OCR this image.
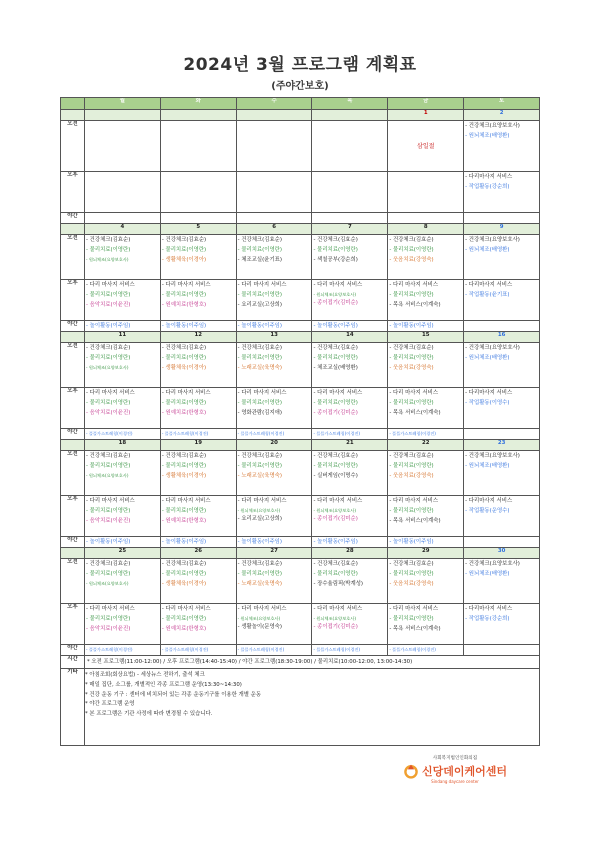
2024년 3월 프로그램 계획표
(주야간보호)
	월	화	수	목	금	토
					1	2
오전					삼일절	- 건강체크(요양보호사)
- 원뇌체조(배영환)

오후						- 다리마사지 서비스
- 작업활동(강순희)

야간	

	4	5	6	7	8	9
오전	- 건강체크(김효순)
- 물리치료(이영란)
- 원뇌체조(요양보호사)	- 건강체크(김효순)
- 물리치료(이영란)
- 생활체육(이경아)	- 건강체크(김효순)
- 물리치료(이영란)
- 체조교실(윤기표)	- 건강체크(김효순)
- 물리치료(이영란)
- 색칠공부(강순희)	- 건강체크(김효순)
- 물리치료(이영란)
- 웃음치료(강영숙)	- 건강체크(요양보호사)
- 원뇌체조(배영환)

오후	- 다리 마사지 서비스
- 물리치료(이영란)
- 음악치료(이윤진)	- 다리 마사지 서비스
- 물리치료(이영란)
- 원예치료(한형호)	- 다리 마사지 서비스
- 물리치료(이영란)
- 요리교실(고상희)	- 다리 마사지 서비스
- 원뇌체조(요양보호사)
- 종이접기(김미순)	- 다리 마사지 서비스
- 물리치료(이영란)
- 목욕 서비스(이계숙)	- 다리마사지 서비스
- 작업활동(윤기표)

야간	- 놀이활동(이주임)	- 놀이활동(이주임)	- 놀이활동(이주임)	- 놀이활동(이주임)	- 놀이활동(이주임)	

	11	12	13	14	15	16
오전	- 건강체크(김효순)
- 물리치료(이영란)
- 원뇌체조(요양보호사)	- 건강체크(김효순)
- 물리치료(이영란)
- 생활체육(이경아)	- 건강체크(김효순)
- 물리치료(이영란)
- 노래교실(육명숙)	- 건강체크(김효순)
- 물리치료(이영란)
- 체조교실(배영환)	- 건강체크(김효순)
- 물리치료(이영란)
- 웃음치료(강영숙)	- 건강체크(요양보호사)
- 원뇌체조(배영환)

오후	- 다리 마사지 서비스
- 물리치료(이영란)
- 음악치료(이윤진)	- 다리 마사지 서비스
- 물리치료(이영란)
- 원예치료(한형호)	- 다리 마사지 서비스
- 물리치료(이영란)
- 영화관람(김지애)	- 다리 마사지 서비스
- 물리치료(이영란)
- 종이접기(김미순)	- 다리 마사지 서비스
- 물리치료(이영란)
- 목욕 서비스(이계숙)	- 다리마사지 서비스
- 작업활동(이영수)

야간	- 플플가스트레칭(이경진)	- 플플가스트레칭(이경진)	- 플플가스트레칭(이경진)	- 플플가스트레칭(이경진)	- 플플가스트레칭(이경진)	

	18	19	20	21	22	23
오전	- 건강체크(김효순)
- 물리치료(이영란)
- 원뇌체조(요양보호사)	- 건강체크(김효순)
- 물리치료(이영란)
- 생활체육(이경아)	- 건강체크(김효순)
- 물리치료(이영란)
- 노래교실(육명숙)	- 건강체크(김효순)
- 물리치료(이영란)
- 실버게임(이명수)	- 건강체크(김효순)
- 물리치료(이영란)
- 웃음치료(강영숙)	- 건강체크(요양보호사)
- 원뇌체조(배영환)

오후	- 다리 마사지 서비스
- 물리치료(이영란)
- 음악치료(이윤진)	- 다리 마사지 서비스
- 물리치료(이영란)
- 원예치료(한형호)	- 다리 마사지 서비스
- 원뇌체조(요양보호사)
- 요리교실(고상희)	- 다리 마사지 서비스
- 원뇌체조(요양보호사)
- 종이접기(김미순)	- 다리 마사지 서비스
- 물리치료(이영란)
- 목욕 서비스(이계숙)	- 다리마사지 서비스
- 작업활동(운영수)

야간	- 놀이활동(이주임)	- 놀이활동(이주임)	- 놀이활동(이주임)	- 놀이활동(이주임)	- 놀이활동(이주임)	

	25	26	27	28	29	30
오전	- 건강체크(김효순)
- 물리치료(이영란)
- 원뇌체조(요양보호사)	- 건강체크(김효순)
- 물리치료(이영란)
- 생활체육(이경아)	- 건강체크(김효순)
- 물리치료(이영란)
- 노래교실(육명숙)	- 건강체크(김효순)
- 물리치료(이영란)
- 장수율림픽(박계성)	- 건강체크(김효순)
- 물리치료(이영란)
- 웃음치료(강영숙)	- 건강체크(요양보호사)
- 원뇌체조(배영환)

오후	- 다리 마사지 서비스
- 물리치료(이영란)
- 음악치료(이윤진)	- 다리 마사지 서비스
- 물리치료(이영란)
- 원예치료(한형호)	- 다리 마사지 서비스
- 원뇌체조(요양보호사)
- 생활놀이(문영숙)	- 다리 마사지 서비스
- 원뇌체조(요양보호사)
- 종이접기(김미순)	- 다리 마사지 서비스
- 물리치료(이영란)
- 목욕 서비스(이계숙)	- 다리마사지 서비스
- 작업활동(강순희)

야간	- 플플가스트레칭(이경진)	- 플플가스트레칭(이경진)	- 플플가스트레칭(이경진)	- 플플가스트레칭(이경진)	- 플플가스트레칭(이경진)	

시간	* 오전 프로그램(11:00-12:00) / 오후 프로그램(14:40-15:40) / 야간 프로그램(18:30-19:00) / 물리치료(10:00-12:00, 13:00-14:30)					
기타	* 아침조회(회상요법) - 세상뉴스 전하기, 출석 체크
* 매일 집단, 소그룹, 개별적인 각종 프로그램 운영(13:30~14:30)
* 건강 운동 기구 : 센터에 비치되어 있는 각종 운동기구를 이용한 개별 운동
* 야간 프로그램 운영
* 본 프로그램은 기관 사정에 따라 변경될 수 있습니다.					
사회복지법인인화의집
신당데이케어센터
Sindang daycare center
